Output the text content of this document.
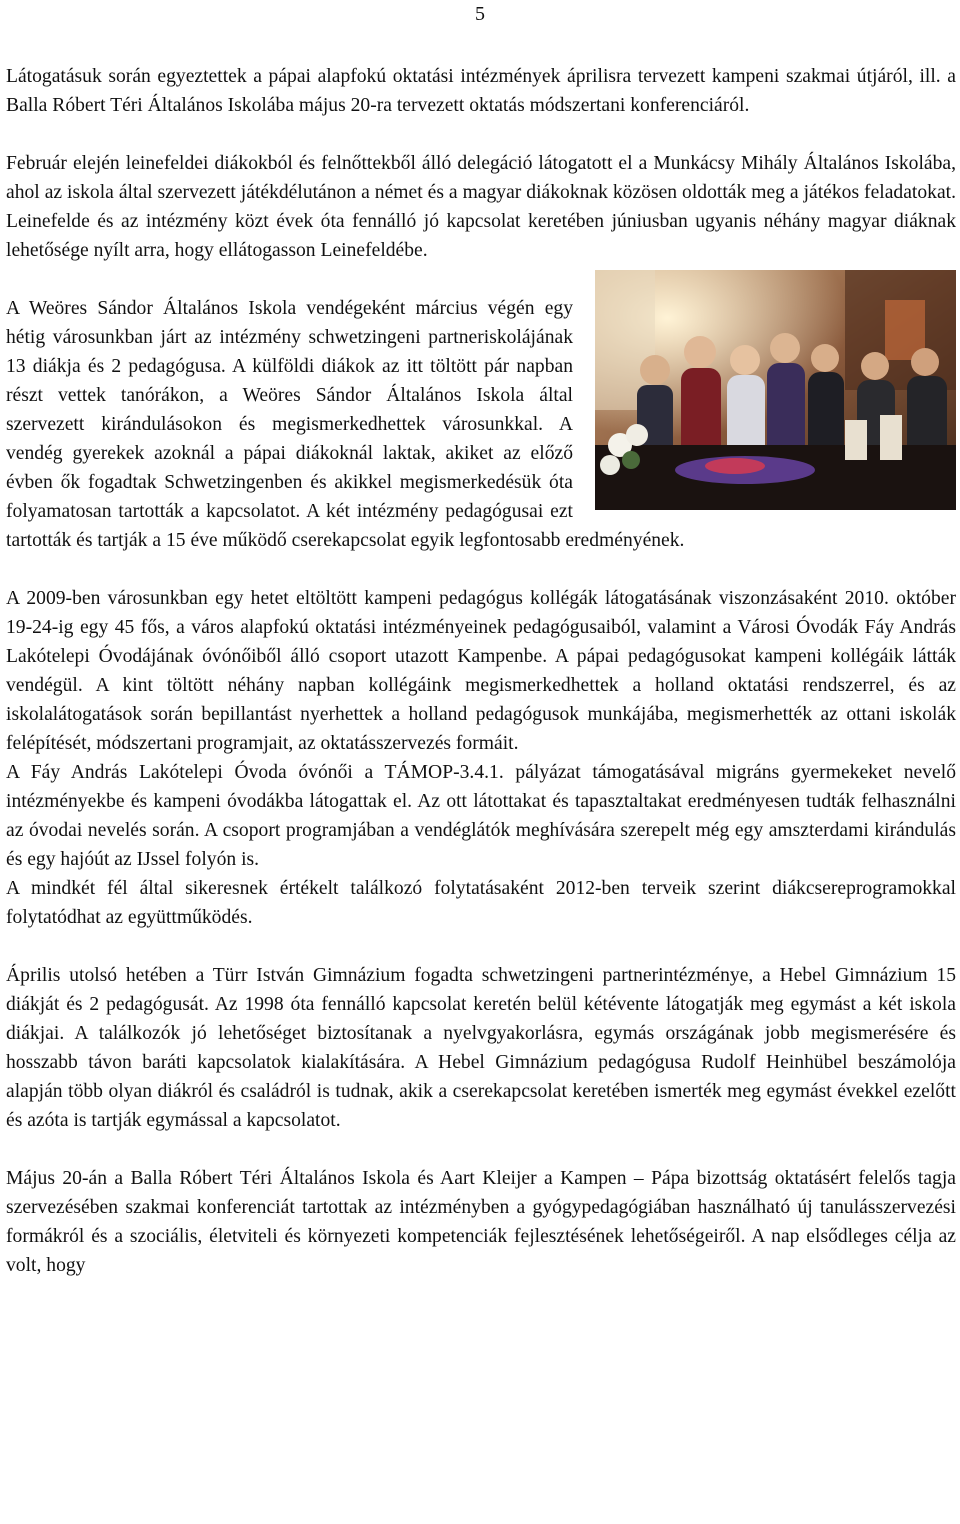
5

Látogatásuk során egyeztettek a pápai alapfokú oktatási intézmények áprilisra tervezett kampeni szakmai útjáról, ill. a Balla Róbert Téri Általános Iskolába május 20-ra tervezett oktatás módszertani konferenciáról.

Február elején leinefeldei diákokból és felnőttekből álló delegáció látogatott el a Munkácsy Mihály Általános Iskolába, ahol az iskola által szervezett játékdélutánon a német és a magyar diákoknak közösen oldották meg a játékos feladatokat. Leinefelde és az intézmény közt évek óta fennálló jó kapcsolat keretében júniusban ugyanis néhány magyar diáknak lehetősége nyílt arra, hogy ellátogasson Leinefeldébe.

A Weöres Sándor Általános Iskola vendégeként március végén egy hétig városunkban járt az intézmény schwetzingeni partneriskolájának 13 diákja és 2 pedagógusa. A külföldi diákok az itt töltött pár napban részt vettek tanórákon, a Weöres Sándor Általános Iskola által szervezett kirándulásokon és megismerkedhettek városunkkal. A vendég gyerekek azoknál a pápai diákoknál laktak, akiket az előző évben ők fogadtak Schwetzingenben és akikkel megismerkedésük óta folyamatosan tartották a kapcsolatot. A két intézmény pedagógusai ezt tartották és tartják a 15 éve működő cserekapcsolat egyik legfontosabb eredményének.

A 2009-ben városunkban egy hetet eltöltött kampeni pedagógus kollégák látogatásának viszonzásaként 2010. október 19-24-ig egy 45 fős, a város alapfokú oktatási intézményeinek pedagógusaiból, valamint a Városi Óvodák Fáy András Lakótelepi Óvodájának óvónőiből álló csoport utazott Kampenbe. A pápai pedagógusokat kampeni kollégáik látták vendégül. A kint töltött néhány napban kollégáink megismerkedhettek a holland oktatási rendszerrel, és az iskolalátogatások során bepillantást nyerhettek a holland pedagógusok munkájába, megismerhették az ottani iskolák felépítését, módszertani programjait, az oktatásszervezés formáit.

A Fáy András Lakótelepi Óvoda óvónői a TÁMOP-3.4.1. pályázat támogatásával migráns gyermekeket nevelő intézményekbe és kampeni óvodákba látogattak el. Az ott látottakat és tapasztaltakat eredményesen tudták felhasználni az óvodai nevelés során. A csoport programjában a vendéglátók meghívására szerepelt még egy amszterdami kirándulás és egy hajóút az IJssel folyón is.

A mindkét fél által sikeresnek értékelt találkozó folytatásaként 2012-ben terveik szerint diákcsereprogramokkal folytatódhat az együttműködés.

Április utolsó hetében a Türr István Gimnázium fogadta schwetzingeni partnerintézménye, a Hebel Gimnázium 15 diákját és 2 pedagógusát. Az 1998 óta fennálló kapcsolat keretén belül kétévente látogatják meg egymást a két iskola diákjai. A találkozók jó lehetőséget biztosítanak a nyelvgyakorlásra, egymás országának jobb megismerésére és hosszabb távon baráti kapcsolatok kialakítására. A Hebel Gimnázium pedagógusa Rudolf Heinhübel beszámolója alapján több olyan diákról és családról is tudnak, akik a cserekapcsolat keretében ismerték meg egymást évekkel ezelőtt és azóta is tartják egymással a kapcsolatot.

Május 20-án a Balla Róbert Téri Általános Iskola és Aart Kleijer a Kampen – Pápa bizottság oktatásért felelős tagja szervezésében szakmai konferenciát tartottak az intézményben a gyógypedagógiában használható új tanulásszervezési formákról és a szociális, életviteli és környezeti kompetenciák fejlesztésének lehetőségeiről. A nap elsődleges célja az volt, hogy
